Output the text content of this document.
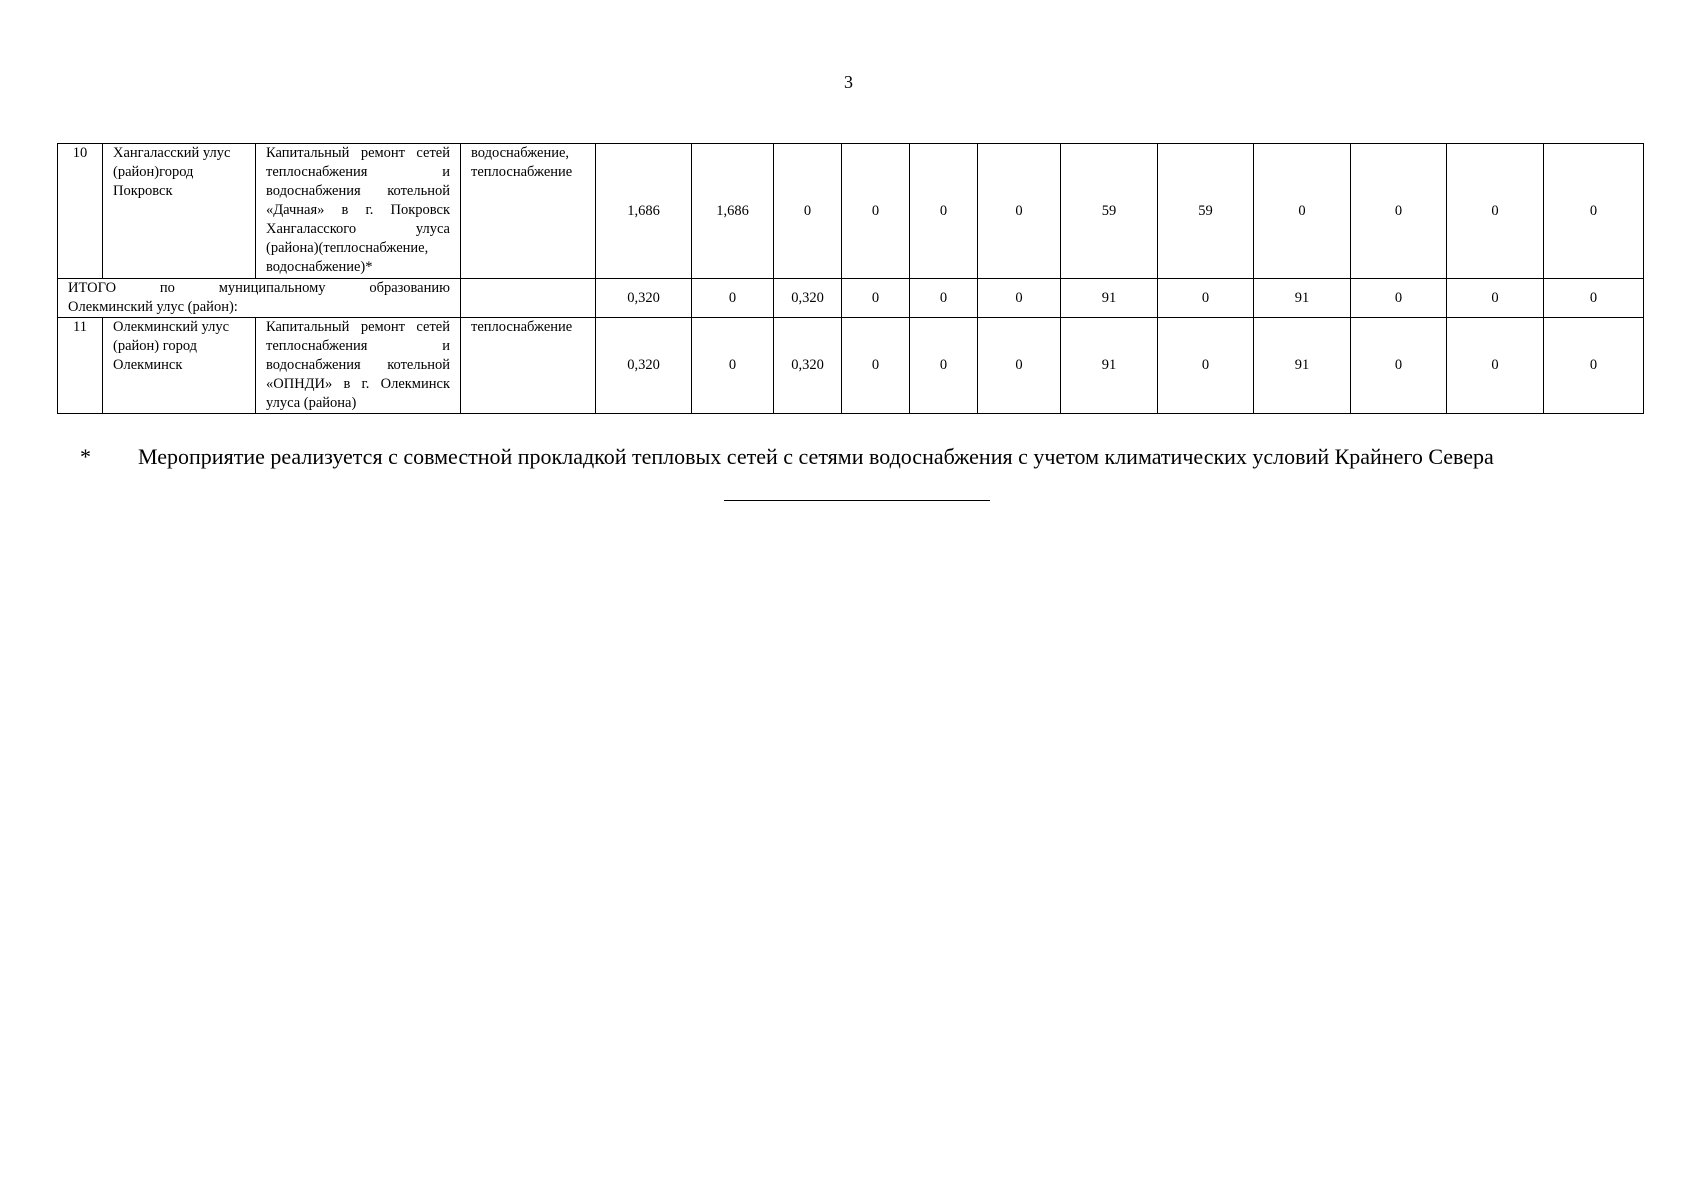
3
10	Хангаласский улус (район)город Покровск	Капитальный ремонт сетей теплоснабжения и водоснабжения котельной «Дачная» в г. Покровск Хангаласского улуса (района)(теплоснабжение, водоснабжение)*	водоснабжение, теплоснабжение	1,686	1,686	0	0	0	0	59	59	0	0	0	0

ИТОГО по муниципальному образованию
Олекминский улус (район):				0,320	0	0,320	0	0	0	91	0	91	0	0	0
11	Олекминский улус (район) город Олекминск	Капитальный ремонт сетей теплоснабжения и водоснабжения котельной «ОПНДИ» в г. Олекминск улуса (района)	теплоснабжение	0,320	0	0,320	0	0	0	91	0	91	0	0	0
*	Мероприятие реализуется с совместной прокладкой тепловых сетей с сетями водоснабжения с учетом климатических условий Крайнего Севера
